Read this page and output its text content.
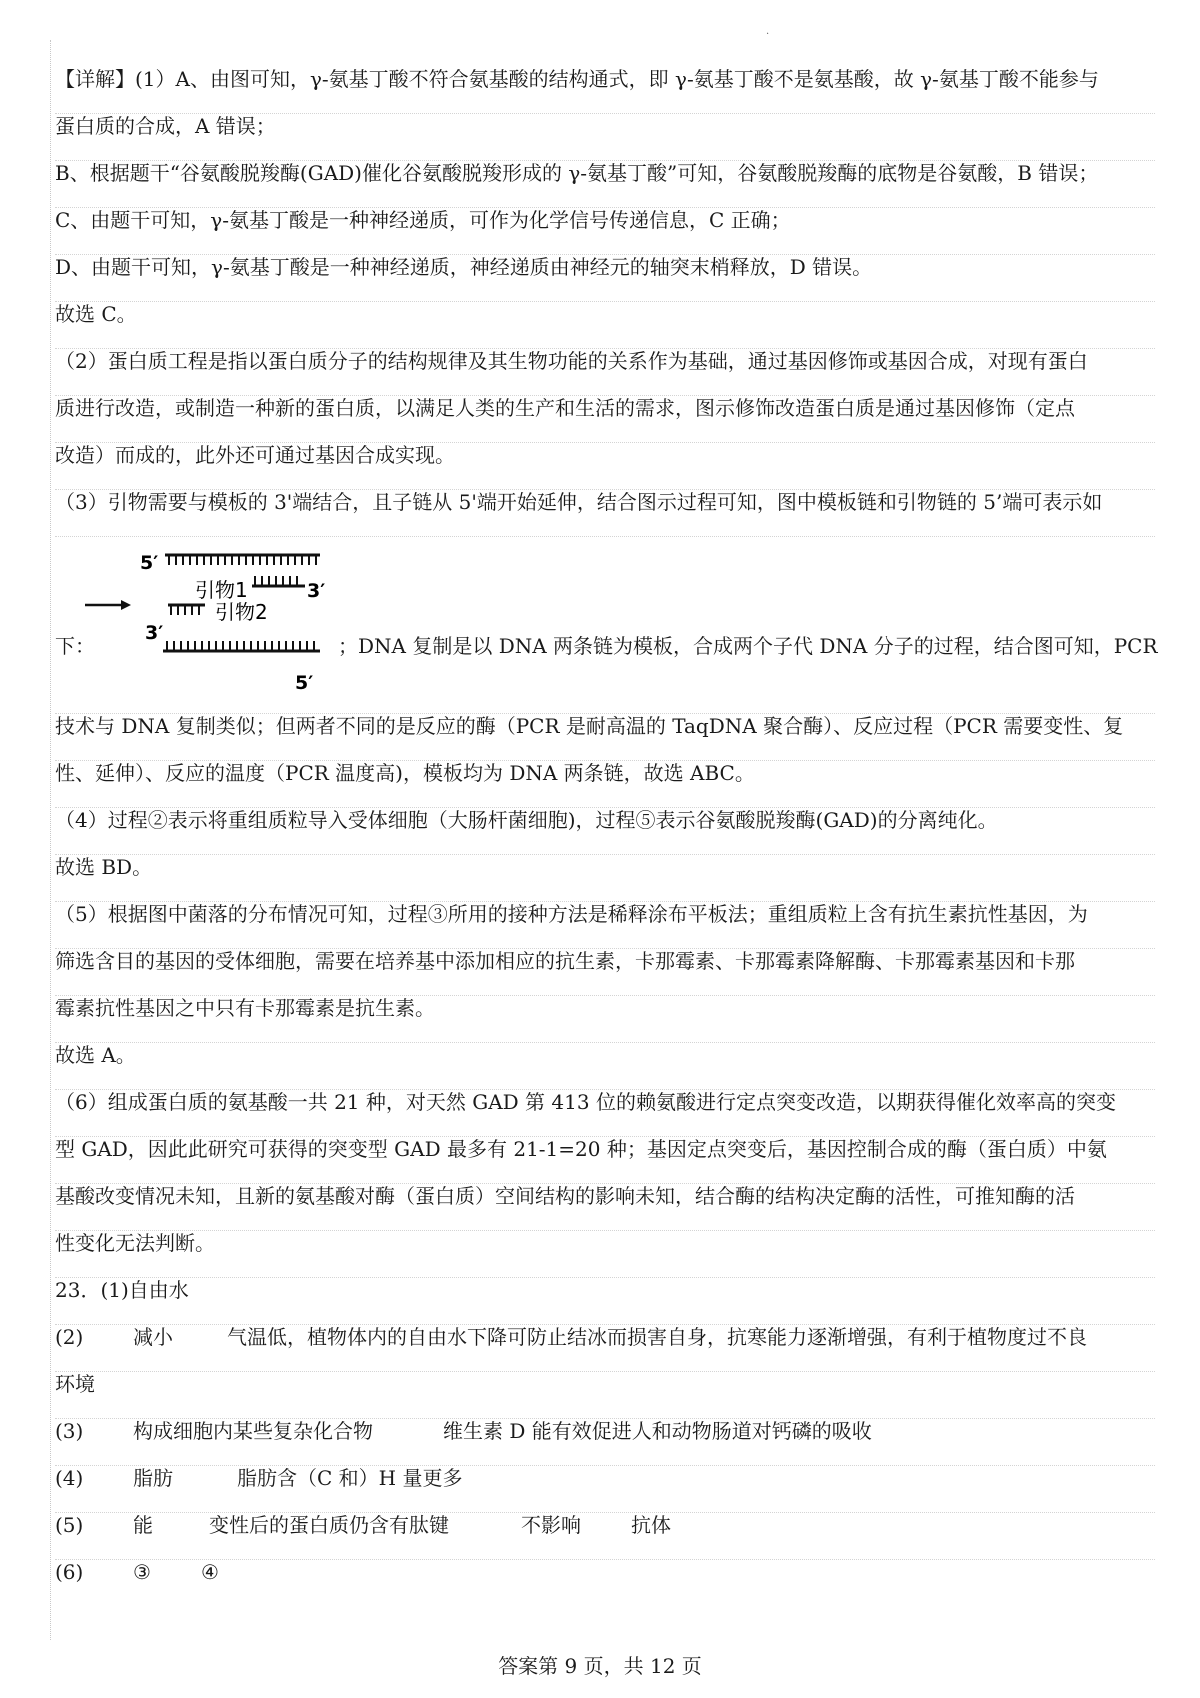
.
【详解】(1）A、由图可知，γ-氨基丁酸不符合氨基酸的结构通式，即 γ-氨基丁酸不是氨基酸，故 γ-氨基丁酸不能参与
蛋白质的合成，A 错误；
B、根据题干“谷氨酸脱羧酶(GAD)催化谷氨酸脱羧形成的 γ-氨基丁酸”可知，谷氨酸脱羧酶的底物是谷氨酸，B 错误；
C、由题干可知，γ-氨基丁酸是一种神经递质，可作为化学信号传递信息，C 正确；
D、由题干可知，γ-氨基丁酸是一种神经递质，神经递质由神经元的轴突末梢释放，D 错误。
故选 C。
（2）蛋白质工程是指以蛋白质分子的结构规律及其生物功能的关系作为基础，通过基因修饰或基因合成，对现有蛋白
质进行改造，或制造一种新的蛋白质，以满足人类的生产和生活的需求，图示修饰改造蛋白质是通过基因修饰（定点
改造）而成的，此外还可通过基因合成实现。
（3）引物需要与模板的 3'端结合，且子链从 5'端开始延伸，结合图示过程可知，图中模板链和引物链的 5’端可表示如
下：
5′
引物1	3′
引物2
3′
5′
；DNA 复制是以 DNA 两条链为模板，合成两个子代 DNA 分子的过程，结合图可知，PCR
技术与 DNA 复制类似；但两者不同的是反应的酶（PCR 是耐高温的 TaqDNA 聚合酶）、反应过程（PCR 需要变性、复
性、延伸）、反应的温度（PCR 温度高)，模板均为 DNA 两条链，故选 ABC。
（4）过程②表示将重组质粒导入受体细胞（大肠杆菌细胞)，过程⑤表示谷氨酸脱羧酶(GAD)的分离纯化。
故选 BD。
（5）根据图中菌落的分布情况可知，过程③所用的接种方法是稀释涂布平板法；重组质粒上含有抗生素抗性基因，为
筛选含目的基因的受体细胞，需要在培养基中添加相应的抗生素，卡那霉素、卡那霉素降解酶、卡那霉素基因和卡那
霉素抗性基因之中只有卡那霉素是抗生素。
故选 A。
（6）组成蛋白质的氨基酸一共 21 种，对天然 GAD 第 413 位的赖氨酸进行定点突变改造，以期获得催化效率高的突变
型 GAD，因此此研究可获得的突变型 GAD 最多有 21-1=20 种；基因定点突变后，基因控制合成的酶（蛋白质）中氨
基酸改变情况未知，且新的氨基酸对酶（蛋白质）空间结构的影响未知，结合酶的结构决定酶的活性，可推知酶的活
性变化无法判断。
23．(1)自由水
(2)	减小	气温低，植物体内的自由水下降可防止结冰而损害自身，抗寒能力逐渐增强，有利于植物度过不良
环境
(3)	构成细胞内某些复杂化合物	维生素 D 能有效促进人和动物肠道对钙磷的吸收
(4)	脂肪	脂肪含（C 和）H 量更多
(5)	能	变性后的蛋白质仍含有肽键	不影响	抗体
(6)	③	④
答案第 9 页，共 12 页
